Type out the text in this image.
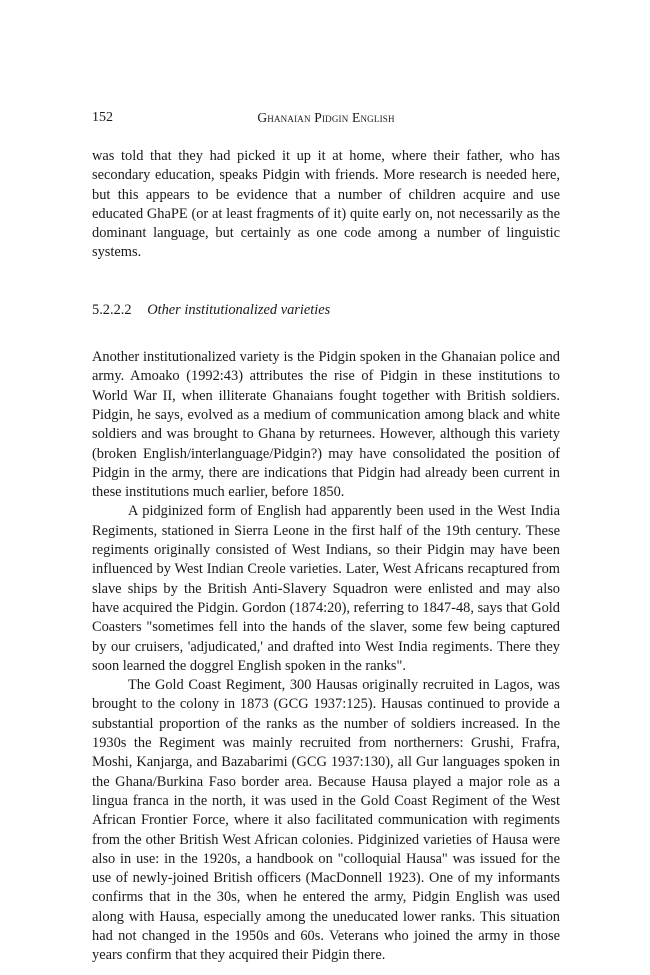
152	Ghanaian Pidgin English

was told that they had picked it up it at home, where their father, who has secondary education, speaks Pidgin with friends. More research is needed here, but this appears to be evidence that a number of children acquire and use educated GhaPE (or at least fragments of it) quite early on, not necessarily as the dominant language, but certainly as one code among a number of linguistic systems.

5.2.2.2 Other institutionalized varieties

Another institutionalized variety is the Pidgin spoken in the Ghanaian police and army. Amoako (1992:43) attributes the rise of Pidgin in these institutions to World War II, when illiterate Ghanaians fought together with British soldiers. Pidgin, he says, evolved as a medium of communication among black and white soldiers and was brought to Ghana by returnees. However, although this variety (broken English/interlanguage/Pidgin?) may have consolidated the position of Pidgin in the army, there are indications that Pidgin had already been current in these institutions much earlier, before 1850.

A pidginized form of English had apparently been used in the West India Regiments, stationed in Sierra Leone in the first half of the 19th century. These regiments originally consisted of West Indians, so their Pidgin may have been influenced by West Indian Creole varieties. Later, West Africans recaptured from slave ships by the British Anti-Slavery Squadron were enlisted and may also have acquired the Pidgin. Gordon (1874:20), referring to 1847-48, says that Gold Coasters "sometimes fell into the hands of the slaver, some few being captured by our cruisers, 'adjudicated,' and drafted into West India regiments. There they soon learned the doggrel English spoken in the ranks".

The Gold Coast Regiment, 300 Hausas originally recruited in Lagos, was brought to the colony in 1873 (GCG 1937:125). Hausas continued to provide a substantial proportion of the ranks as the number of soldiers increased. In the 1930s the Regiment was mainly recruited from northerners: Grushi, Frafra, Moshi, Kanjarga, and Bazabarimi (GCG 1937:130), all Gur languages spoken in the Ghana/Burkina Faso border area. Because Hausa played a major role as a lingua franca in the north, it was used in the Gold Coast Regiment of the West African Frontier Force, where it also facilitated communication with regiments from the other British West African colonies. Pidginized varieties of Hausa were also in use: in the 1920s, a handbook on "colloquial Hausa" was issued for the use of newly-joined British officers (MacDonnell 1923). One of my informants confirms that in the 30s, when he entered the army, Pidgin English was used along with Hausa, especially among the uneducated lower ranks. This situation had not changed in the 1950s and 60s. Veterans who joined the army in those years confirm that they acquired their Pidgin there.
